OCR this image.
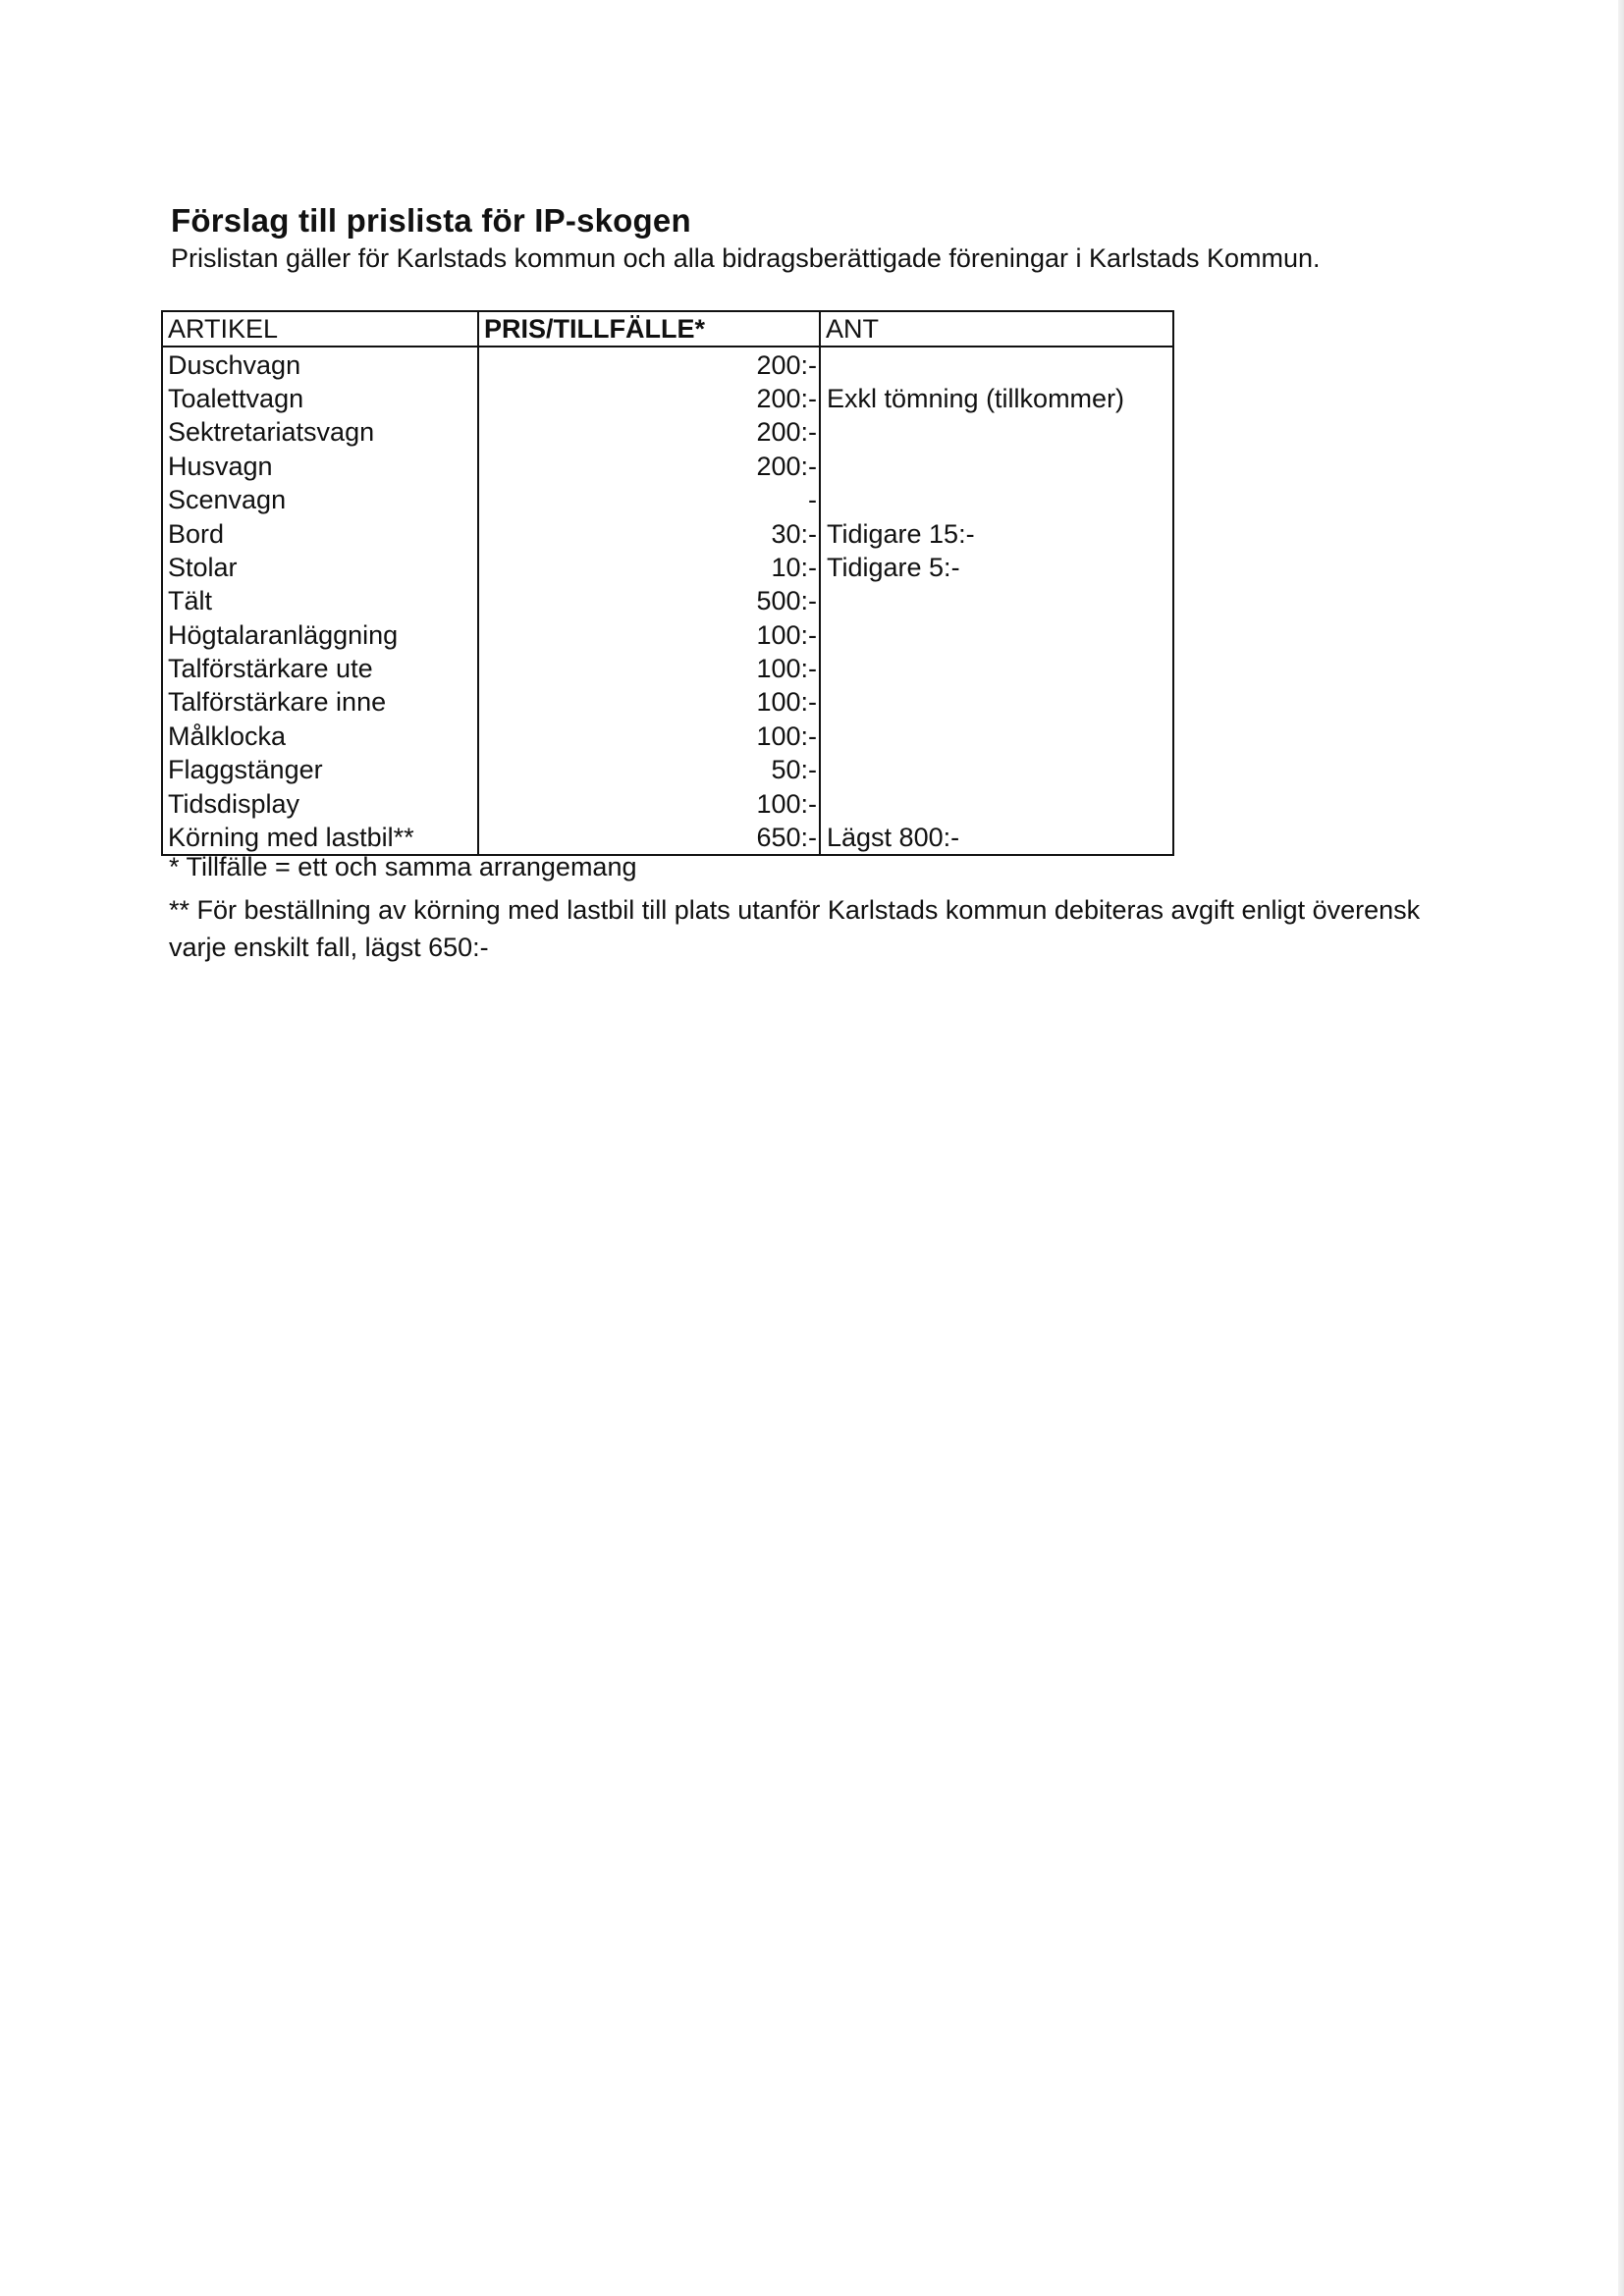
Förslag till prislista för IP-skogen
Prislistan gäller för Karlstads kommun och alla bidragsberättigade föreningar i Karlstads Kommun.
ARTIKEL	PRIS/TILLFÄLLE*	ANT
Duschvagn	200:-	
Toalettvagn	200:-	Exkl tömning (tillkommer)
Sektretariatsvagn	200:-	
Husvagn	200:-	
Scenvagn	-	
Bord	30:-	Tidigare 15:-
Stolar	10:-	Tidigare 5:-
Tält	500:-	
Högtalaranläggning	100:-	
Talförstärkare ute	100:-	
Talförstärkare inne	100:-	
Målklocka	100:-	
Flaggstänger	50:-	
Tidsdisplay	100:-	
Körning med lastbil**	650:-	Lägst 800:-
* Tillfälle = ett och samma arrangemang
** För beställning av körning med lastbil till plats utanför Karlstads kommun debiteras avgift enligt överensk
varje enskilt fall, lägst 650:-
